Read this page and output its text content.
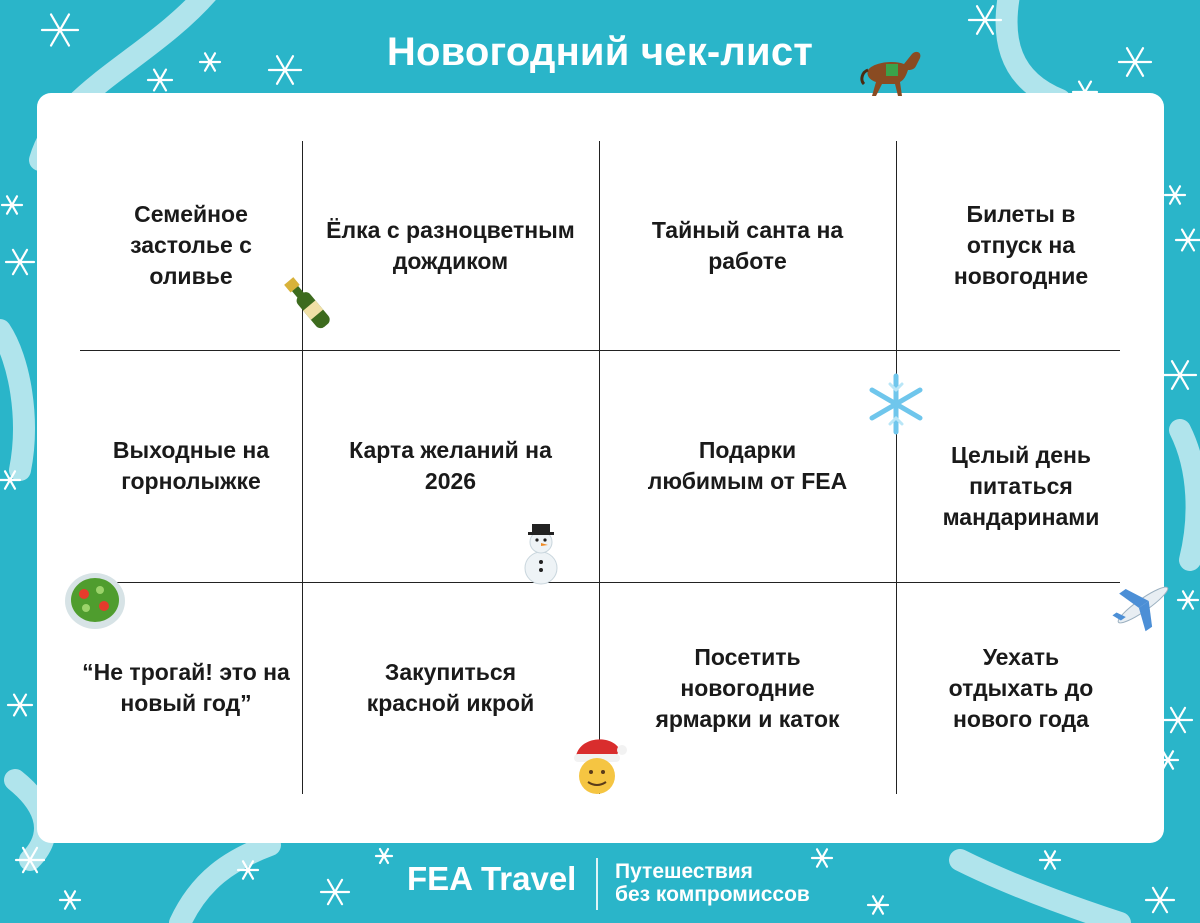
Новогодний чек-лист
Семейное застолье с оливье
Ёлка с разноцветным дождиком
Тайный санта на работе
Билеты в отпуск на новогодние
Выходные на горнолыжке
Карта желаний на 2026
Подарки любимым от FEA
Целый день питаться мандаринами
“Не трогай! это на новый год”
Закупиться красной икрой
Посетить новогодние ярмарки и каток
Уехать отдыхать до нового года
FEA Travel Путешествия
без компромиссов
